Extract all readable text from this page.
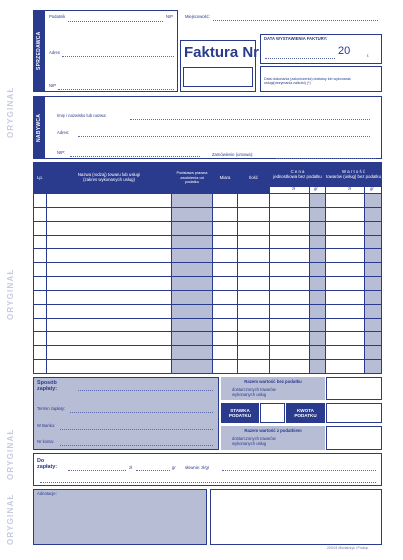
ORYGINAŁ
ORYGINAŁ
ORYGINAŁ
ORYGINAŁ
SPRZEDAWCA
Podatnik	NIP
Adres
NIP
Miejscowość:
Faktura Nr
DATA WYSTAWIENIA FAKTURY:
20	r.
Data dokonania (zakończenia) dostawy lub wykonania usługi(otrzymania zaliczki) (*)
NABYWCA	Imię i nazwisko lub nazwa:
Adres:
NIP:	Zamówienie (umowa):
Lp.	Nazwa (rodzaj) towaru lub usługi
(zakres wykonanych usług)
Podstawa prawna zwolnienia od podatku
Miara	Ilość
C e n a
jednostkowa bez podatku
W a r t o ś ć
towarów (usług) bez podatku
zł	gr	zł	gr
Sposób zapłaty:
Termin zapłaty:
W Banku:
Nr konta:
Razem wartość bez podatku
dostarczonych towarów
wykonanych usług
STAWKA PODATKU
KWOTA PODATKU
Razem wartość z podatkiem
dostarczonych towarów
wykonanych usług
Do zapłaty:	zł	gr słownie: zł/gr
Adnotacje:
200/24 Michalczyk i Prokop
